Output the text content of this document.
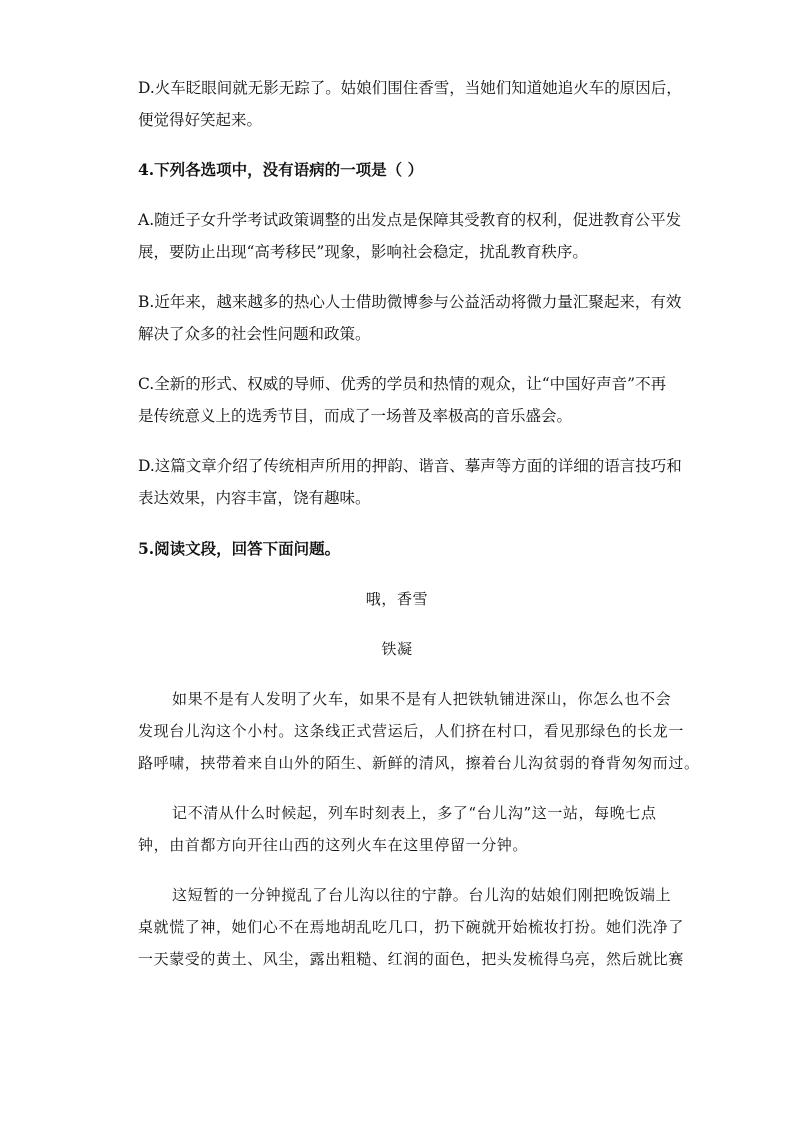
D.火车眨眼间就无影无踪了。姑娘们围住香雪，当她们知道她追火车的原因后，
便觉得好笑起来。
4.下列各选项中，没有语病的一项是（ ）
A.随迁子女升学考试政策调整的出发点是保障其受教育的权利，促进教育公平发
展，要防止出现“高考移民”现象，影响社会稳定，扰乱教育秩序。
B.近年来，越来越多的热心人士借助微博参与公益活动将微力量汇聚起来，有效
解决了众多的社会性问题和政策。
C.全新的形式、权威的导师、优秀的学员和热情的观众，让“中国好声音”不再
是传统意义上的选秀节目，而成了一场普及率极高的音乐盛会。
D.这篇文章介绍了传统相声所用的押韵、谐音、摹声等方面的详细的语言技巧和
表达效果，内容丰富，饶有趣味。
5.阅读文段，回答下面问题。
哦，香雪
铁凝
如果不是有人发明了火车，如果不是有人把铁轨铺进深山，你怎么也不会
发现台儿沟这个小村。这条线正式营运后，人们挤在村口，看见那绿色的长龙一
路呼啸，挟带着来自山外的陌生、新鲜的清风，擦着台儿沟贫弱的脊背匆匆而过。
记不清从什么时候起，列车时刻表上，多了“台儿沟”这一站，每晚七点
钟，由首都方向开往山西的这列火车在这里停留一分钟。
这短暂的一分钟搅乱了台儿沟以往的宁静。台儿沟的姑娘们刚把晚饭端上
桌就慌了神，她们心不在焉地胡乱吃几口，扔下碗就开始梳妆打扮。她们洗净了
一天蒙受的黄土、风尘，露出粗糙、红润的面色，把头发梳得乌亮，然后就比赛
